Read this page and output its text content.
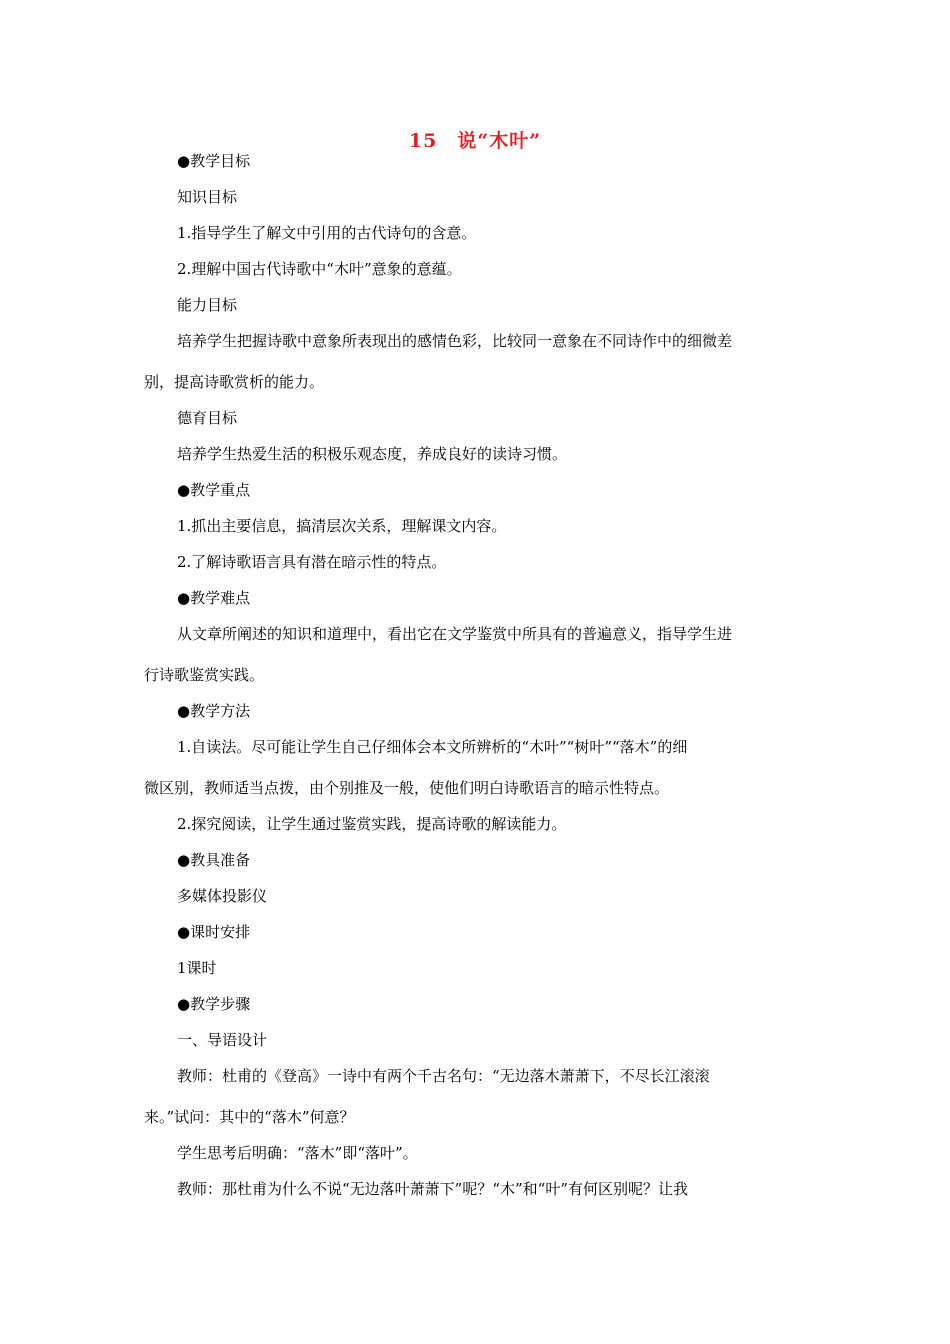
15　说“木叶”
●教学目标
知识目标
1.指导学生了解文中引用的古代诗句的含意。
2.理解中国古代诗歌中“木叶”意象的意蕴。
能力目标
培养学生把握诗歌中意象所表现出的感情色彩，比较同一意象在不同诗作中的细微差
别，提高诗歌赏析的能力。
德育目标
培养学生热爱生活的积极乐观态度，养成良好的读诗习惯。
●教学重点
1.抓出主要信息，搞清层次关系，理解课文内容。
2.了解诗歌语言具有潜在暗示性的特点。
●教学难点
从文章所阐述的知识和道理中，看出它在文学鉴赏中所具有的普遍意义，指导学生进
行诗歌鉴赏实践。
●教学方法
1.自读法。尽可能让学生自己仔细体会本文所辨析的“木叶”“树叶”“落木”的细
微区别，教师适当点拨，由个别推及一般，使他们明白诗歌语言的暗示性特点。
2.探究阅读，让学生通过鉴赏实践，提高诗歌的解读能力。
●教具准备
多媒体投影仪
●课时安排
1课时
●教学步骤
一、导语设计
教师：杜甫的《登高》一诗中有两个千古名句：“无边落木萧萧下，不尽长江滚滚
来。”试问：其中的“落木”何意？
学生思考后明确：“落木”即“落叶”。
教师：那杜甫为什么不说“无边落叶萧萧下”呢？“木”和“叶”有何区别呢？让我
